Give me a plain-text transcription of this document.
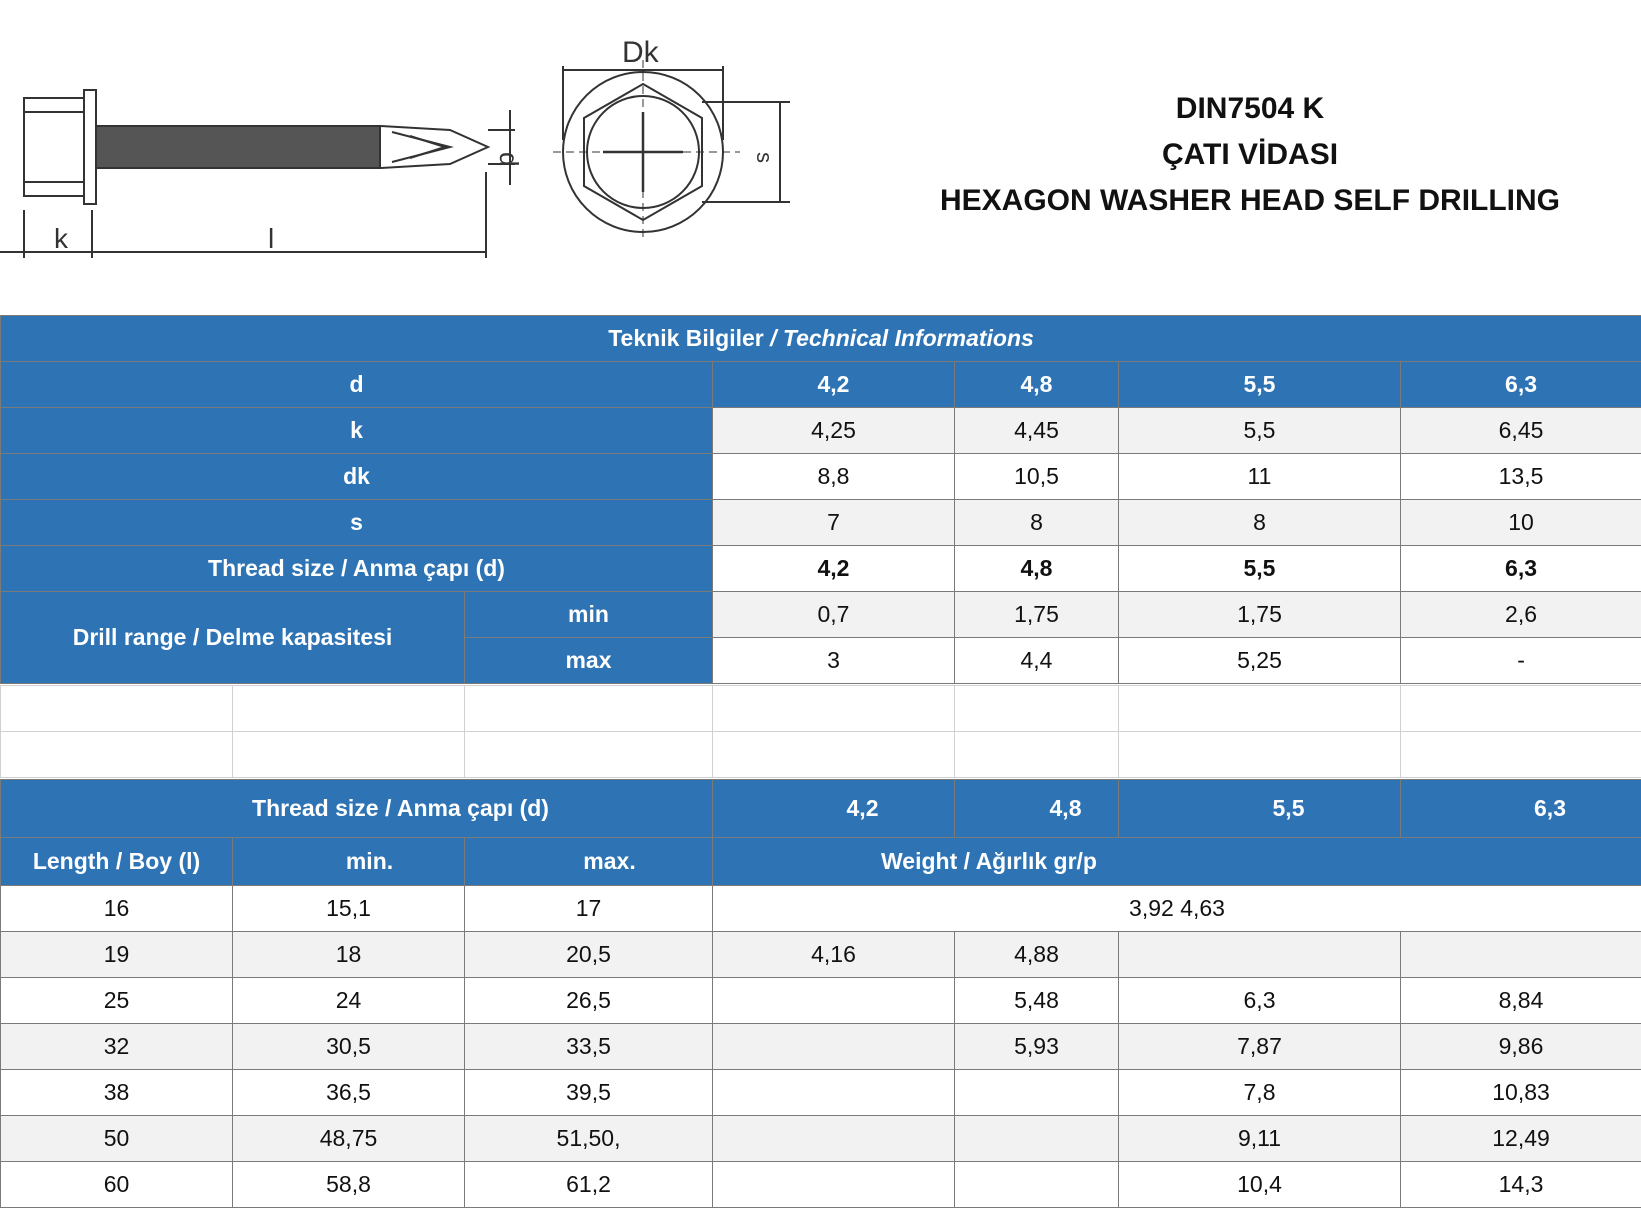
Dk
d	s
k	l
DIN7504 K
ÇATI VİDASI
HEXAGON WASHER HEAD SELF DRILLING
Teknik Bilgiler / Technical Informations					
d		4,2	4,8	5,5	6,3
k		4,25	4,45	5,5	6,45
dk		8,8	10,5	11	13,5
s		7	8	8	10
Thread size / Anma çapı (d)		4,2	4,8	5,5	6,3
Drill range / Delme kapasitesi	min	0,7	1,75	1,75	2,6
	max	3	4,4	5,25	-

Thread size / Anma çapı (d)			4,2	4,8	5,5	6,3
Length / Boy (l)	min.	max.	Weight / Ağırlık gr/p			
16	15,1	17	3,92 4,63			
19	18	20,5	4,16	4,88		
25	24	26,5		5,48	6,3	8,84
32	30,5	33,5		5,93	7,87	9,86
38	36,5	39,5			7,8	10,83
50	48,75	51,50,			9,11	12,49
60	58,8	61,2			10,4	14,3
